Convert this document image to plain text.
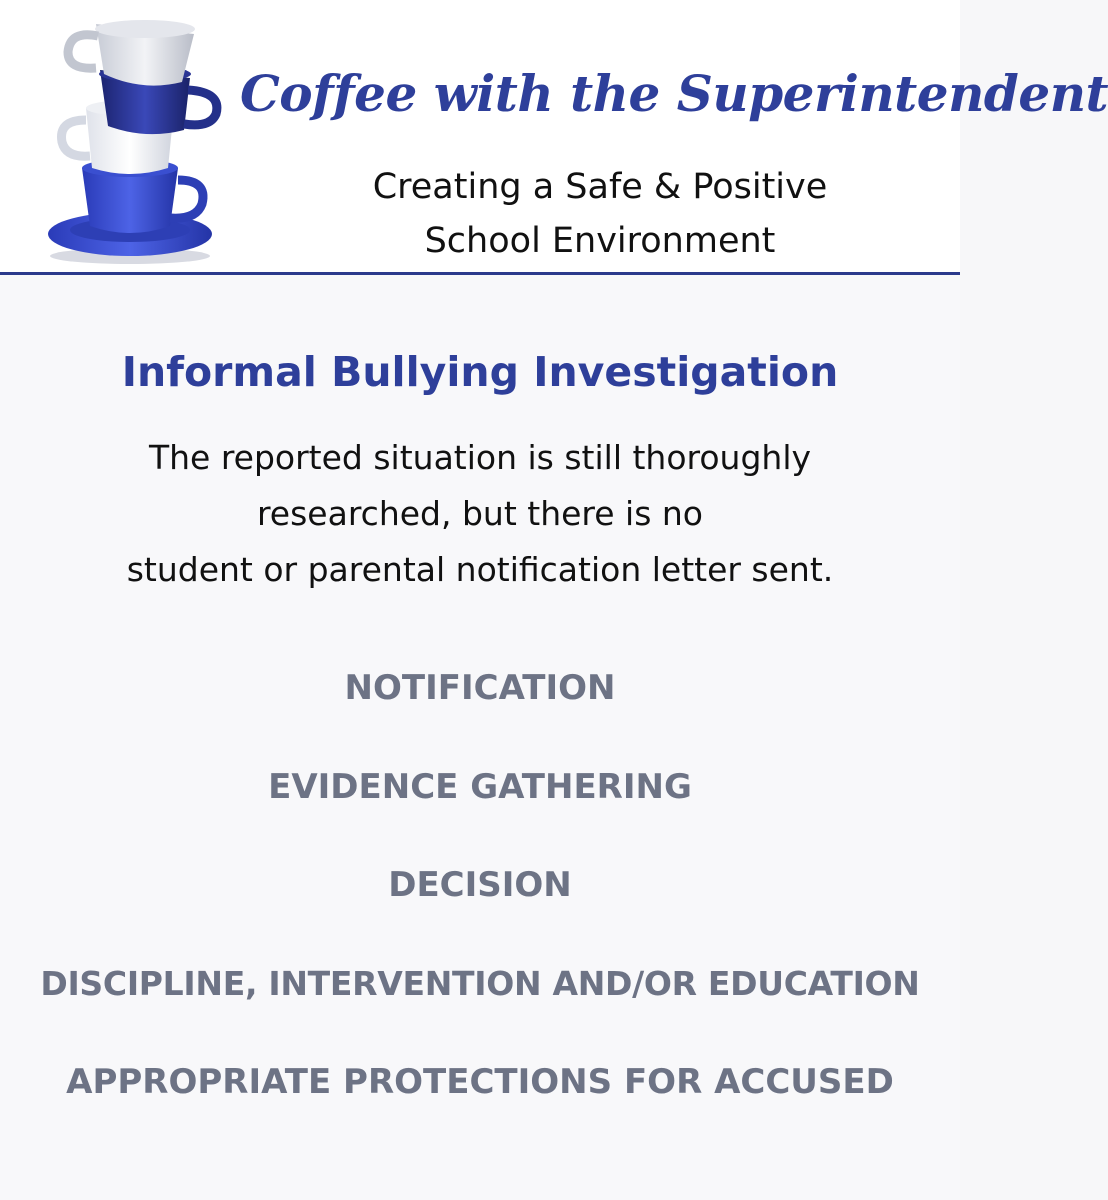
Coffee with the Superintendent
Creating a Safe & Positive
School Environment
Informal Bullying Investigation
The reported situation is still thoroughly
researched, but there is no
student or parental notification letter sent.
NOTIFICATION
EVIDENCE GATHERING
DECISION
DISCIPLINE, INTERVENTION AND/OR EDUCATION
APPROPRIATE PROTECTIONS FOR ACCUSED
